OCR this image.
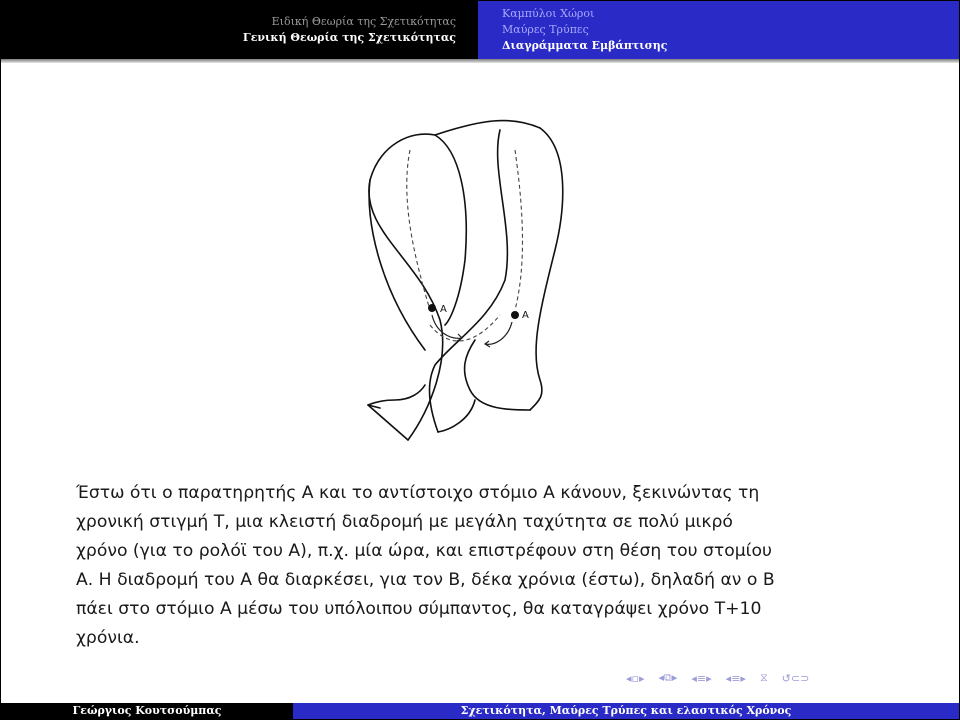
Ειδική Θεωρία της Σχετικότητας
Γενική Θεωρία της Σχετικότητας
Καμπύλοι Χώροι
Μαύρες Τρύπες
Διαγράμματα Εμβάπτισης
A
A

Έστω ότι ο παρατηρητής Α και το αντίστοιχο στόμιο Α κάνουν, ξεκινώντας τη
χρονική στιγμή Τ, μια κλειστή διαδρομή με μεγάλη ταχύτητα σε πολύ μικρό
χρόνο (για το ρολόϊ του Α), π.χ. μία ώρα, και επιστρέφουν στη θέση του στομίου
Α. Η διαδρομή του Α θα διαρκέσει, για τον Β, δέκα χρόνια (έστω), δηλαδή αν ο Β
πάει στο στόμιο Α μέσω του υπόλοιπου σύμπαντος, θα καταγράψει χρόνο Τ+10
χρόνια.

◂▫▸ ◂⧉▸ ◂≡▸ ◂≡▸ ⧖ ↺⊂⊃
Γεώργιος Κουτσούμπας	Σχετικότητα, Μαύρες Τρύπες και ελαστικός Χρόνος
